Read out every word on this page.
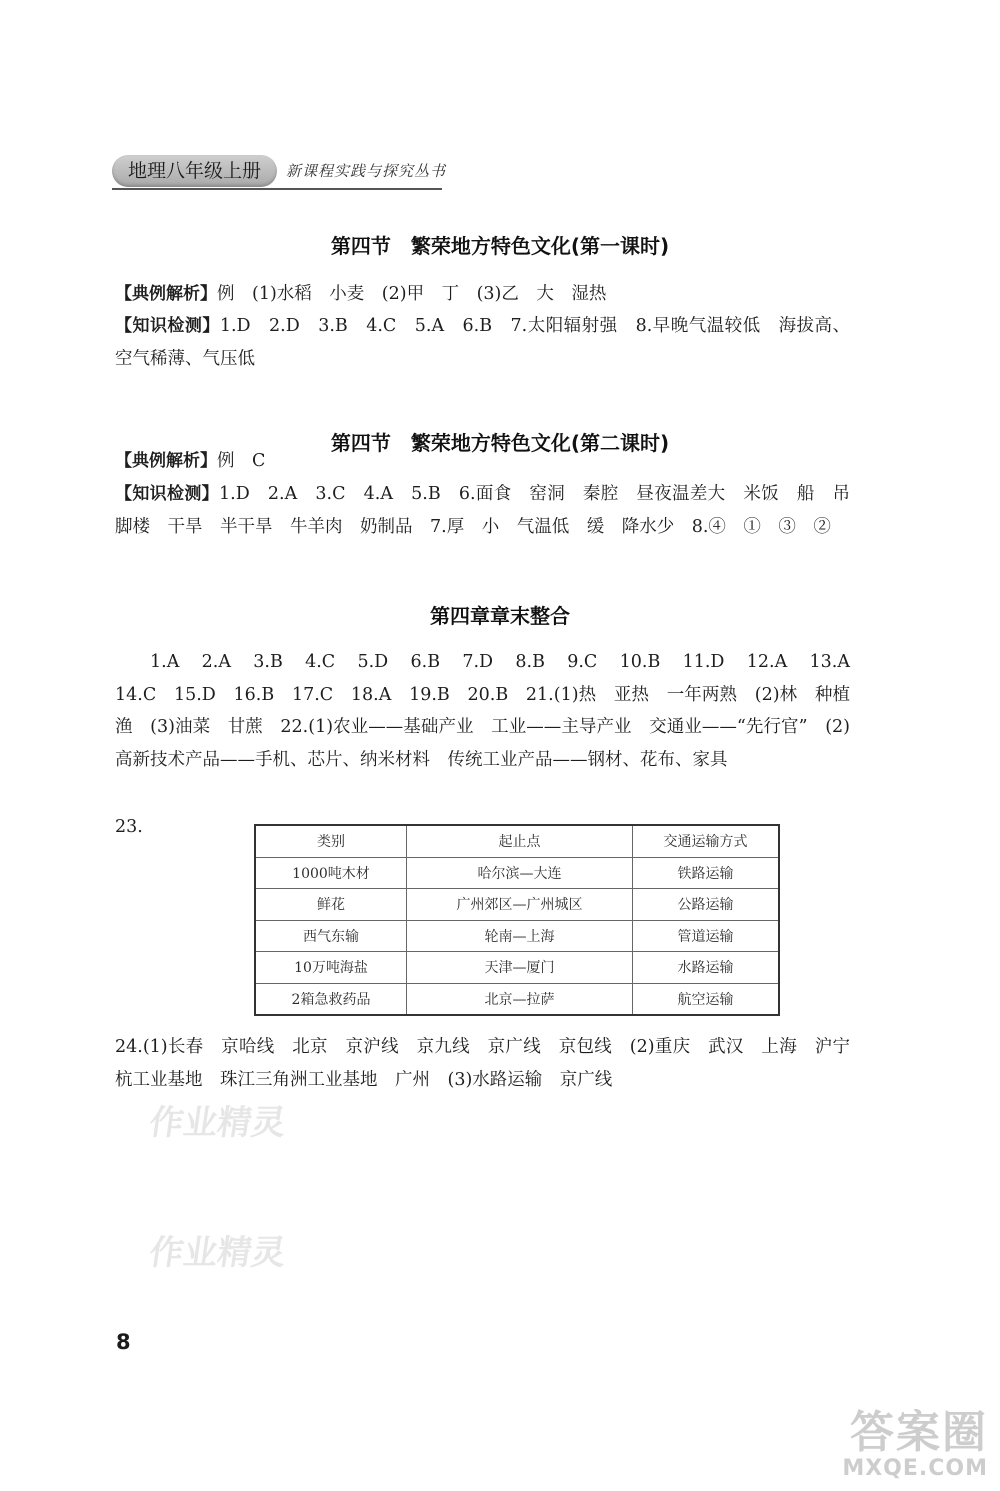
地理八年级上册	新课程实践与探究丛书
第四节　繁荣地方特色文化(第一课时)
【典例解析】例　(1)水稻　小麦　(2)甲　丁　(3)乙　大　湿热
【知识检测】1.D　2.D　3.B　4.C　5.A　6.B　7.太阳辐射强　8.早晚气温较低　海拔高、空气稀薄、气压低
第四节　繁荣地方特色文化(第二课时)
【典例解析】例　C
【知识检测】1.D　2.A　3.C　4.A　5.B　6.面食　窑洞　秦腔　昼夜温差大　米饭　船　吊脚楼　干旱　半干旱　牛羊肉　奶制品　7.厚　小　气温低　缓　降水少　8.④　①　③　②
第四章章末整合
1.A　2.A　3.B　4.C　5.D　6.B　7.D　8.B　9.C　10.B　11.D　12.A　13.A　14.C　15.D　16.B　17.C　18.A　19.B　20.B　21.(1)热　亚热　一年两熟　(2)林　种植　渔　(3)油菜　甘蔗　22.(1)农业——基础产业　工业——主导产业　交通业——“先行官”　(2)高新技术产品——手机、芯片、纳米材料　传统工业产品——钢材、花布、家具
23.
类别	起止点	交通运输方式
1000吨木材	哈尔滨—大连	铁路运输
鲜花	广州郊区—广州城区	公路运输
西气东输	轮南—上海	管道运输
10万吨海盐	天津—厦门	水路运输
2箱急救药品	北京—拉萨	航空运输
24.(1)长春　京哈线　北京　京沪线　京九线　京广线　京包线　(2)重庆　武汉　上海　沪宁杭工业基地　珠江三角洲工业基地　广州　(3)水路运输　京广线
作业精灵
作业精灵
8
答案圈
MXQE.COM
